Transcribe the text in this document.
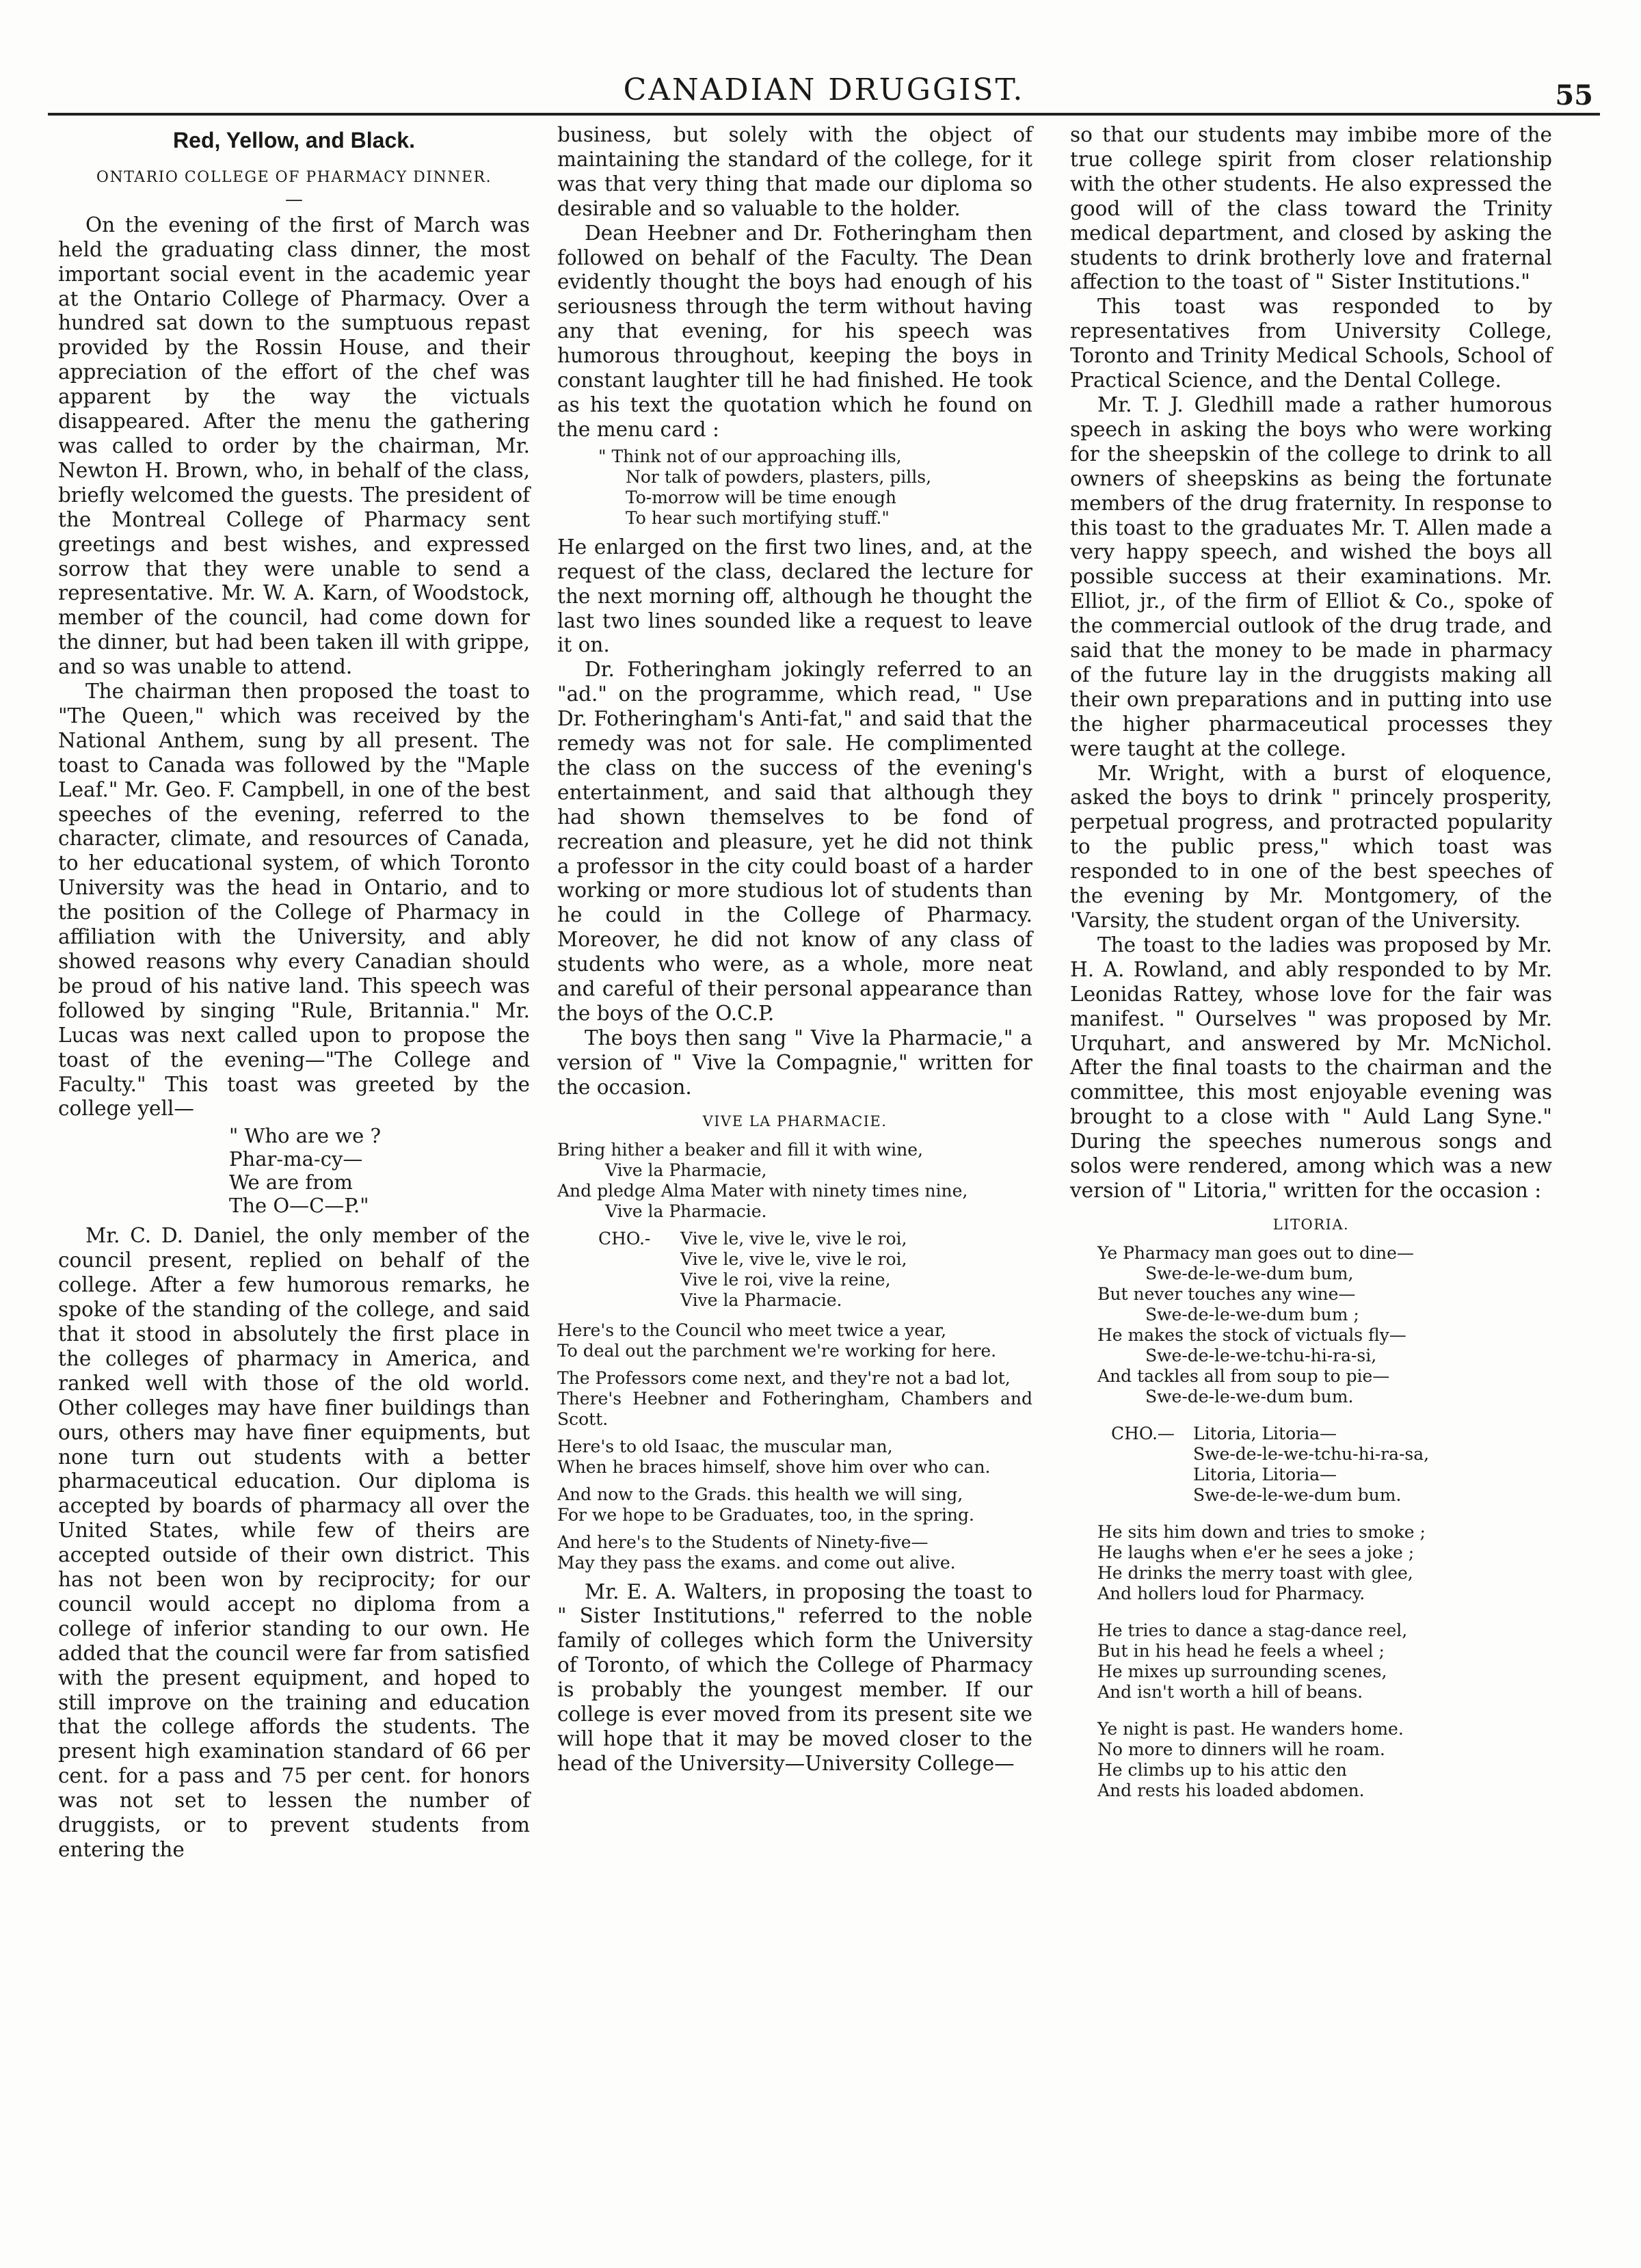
CANADIAN DRUGGIST.	55
Red, Yellow, and Black.
ONTARIO COLLEGE OF PHARMACY DINNER.
—

On the evening of the first of March was held the graduating class dinner, the most important social event in the academic year at the Ontario College of Pharmacy. Over a hundred sat down to the sumptuous repast provided by the Rossin House, and their appreciation of the effort of the chef was apparent by the way the victuals disappeared. After the menu the gathering was called to order by the chairman, Mr. Newton H. Brown, who, in behalf of the class, briefly welcomed the guests. The president of the Montreal College of Pharmacy sent greetings and best wishes, and expressed sorrow that they were unable to send a representative. Mr. W. A. Karn, of Woodstock, member of the council, had come down for the dinner, but had been taken ill with grippe, and so was unable to attend.

The chairman then proposed the toast to "The Queen," which was received by the National Anthem, sung by all present. The toast to Canada was followed by the "Maple Leaf." Mr. Geo. F. Campbell, in one of the best speeches of the evening, referred to the character, climate, and resources of Canada, to her educational system, of which Toronto University was the head in Ontario, and to the position of the College of Pharmacy in affiliation with the University, and ably showed reasons why every Canadian should be proud of his native land. This speech was followed by singing "Rule, Britannia." Mr. Lucas was next called upon to propose the toast of the evening—"The College and Faculty." This toast was greeted by the college yell—

" Who are we ?
Phar-ma-cy—
We are from
The O—C—P."

Mr. C. D. Daniel, the only member of the council present, replied on behalf of the college. After a few humorous remarks, he spoke of the standing of the college, and said that it stood in absolutely the first place in the colleges of pharmacy in America, and ranked well with those of the old world. Other colleges may have finer buildings than ours, others may have finer equipments, but none turn out students with a better pharmaceutical education. Our diploma is accepted by boards of pharmacy all over the United States, while few of theirs are accepted outside of their own district. This has not been won by reciprocity; for our council would accept no diploma from a college of inferior standing to our own. He added that the council were far from satisfied with the present equipment, and hoped to still improve on the training and education that the college affords the students. The present high examination standard of 66 per cent. for a pass and 75 per cent. for honors was not set to lessen the number of druggists, or to prevent students from entering the

business, but solely with the object of maintaining the standard of the college, for it was that very thing that made our diploma so desirable and so valuable to the holder.

Dean Heebner and Dr. Fotheringham then followed on behalf of the Faculty. The Dean evidently thought the boys had enough of his seriousness through the term without having any that evening, for his speech was humorous throughout, keeping the boys in constant laughter till he had finished. He took as his text the quotation which he found on the menu card :

" Think not of our approaching ills,
Nor talk of powders, plasters, pills,
To-morrow will be time enough
To hear such mortifying stuff."

He enlarged on the first two lines, and, at the request of the class, declared the lecture for the next morning off, although he thought the last two lines sounded like a request to leave it on.

Dr. Fotheringham jokingly referred to an "ad." on the programme, which read, " Use Dr. Fotheringham's Anti-fat," and said that the remedy was not for sale. He complimented the class on the success of the evening's entertainment, and said that although they had shown themselves to be fond of recreation and pleasure, yet he did not think a professor in the city could boast of a harder working or more studious lot of students than he could in the College of Pharmacy. Moreover, he did not know of any class of students who were, as a whole, more neat and careful of their personal appearance than the boys of the O.C.P.

The boys then sang " Vive la Pharmacie," a version of " Vive la Compagnie," written for the occasion.

VIVE LA PHARMACIE.
Bring hither a beaker and fill it with wine,
Vive la Pharmacie,
And pledge Alma Mater with ninety times nine,
Vive la Pharmacie.
CHO.-	Vive le, vive le, vive le roi,
Vive le, vive le, vive le roi,
Vive le roi, vive la reine,
Vive la Pharmacie.
Here's to the Council who meet twice a year,
To deal out the parchment we're working for here.
The Professors come next, and they're not a bad lot,
There's Heebner and Fotheringham, Chambers and Scott.
Here's to old Isaac, the muscular man,
When he braces himself, shove him over who can.
And now to the Grads. this health we will sing,
For we hope to be Graduates, too, in the spring.
And here's to the Students of Ninety-five—
May they pass the exams. and come out alive.

Mr. E. A. Walters, in proposing the toast to " Sister Institutions," referred to the noble family of colleges which form the University of Toronto, of which the College of Pharmacy is probably the youngest member. If our college is ever moved from its present site we will hope that it may be moved closer to the head of the University—University College—

so that our students may imbibe more of the true college spirit from closer relationship with the other students. He also expressed the good will of the class toward the Trinity medical department, and closed by asking the students to drink brotherly love and fraternal affection to the toast of " Sister Institutions."

This toast was responded to by representatives from University College, Toronto and Trinity Medical Schools, School of Practical Science, and the Dental College.

Mr. T. J. Gledhill made a rather humorous speech in asking the boys who were working for the sheepskin of the college to drink to all owners of sheepskins as being the fortunate members of the drug fraternity. In response to this toast to the graduates Mr. T. Allen made a very happy speech, and wished the boys all possible success at their examinations. Mr. Elliot, jr., of the firm of Elliot & Co., spoke of the commercial outlook of the drug trade, and said that the money to be made in pharmacy of the future lay in the druggists making all their own preparations and in putting into use the higher pharmaceutical processes they were taught at the college.

Mr. Wright, with a burst of eloquence, asked the boys to drink " princely prosperity, perpetual progress, and protracted popularity to the public press," which toast was responded to in one of the best speeches of the evening by Mr. Montgomery, of the 'Varsity, the student organ of the University.

The toast to the ladies was proposed by Mr. H. A. Rowland, and ably responded to by Mr. Leonidas Rattey, whose love for the fair was manifest. " Ourselves " was proposed by Mr. Urquhart, and answered by Mr. McNichol. After the final toasts to the chairman and the committee, this most enjoyable evening was brought to a close with " Auld Lang Syne." During the speeches numerous songs and solos were rendered, among which was a new version of " Litoria," written for the occasion :

LITORIA.
Ye Pharmacy man goes out to dine—
Swe-de-le-we-dum bum,
But never touches any wine—
Swe-de-le-we-dum bum ;
He makes the stock of victuals fly—
Swe-de-le-we-tchu-hi-ra-si,
And tackles all from soup to pie—
Swe-de-le-we-dum bum.
CHO.—	Litoria, Litoria—
Swe-de-le-we-tchu-hi-ra-sa,
Litoria, Litoria—
Swe-de-le-we-dum bum.
He sits him down and tries to smoke ;
He laughs when e'er he sees a joke ;
He drinks the merry toast with glee,
And hollers loud for Pharmacy.
He tries to dance a stag-dance reel,
But in his head he feels a wheel ;
He mixes up surrounding scenes,
And isn't worth a hill of beans.
Ye night is past. He wanders home.
No more to dinners will he roam.
He climbs up to his attic den
And rests his loaded abdomen.
